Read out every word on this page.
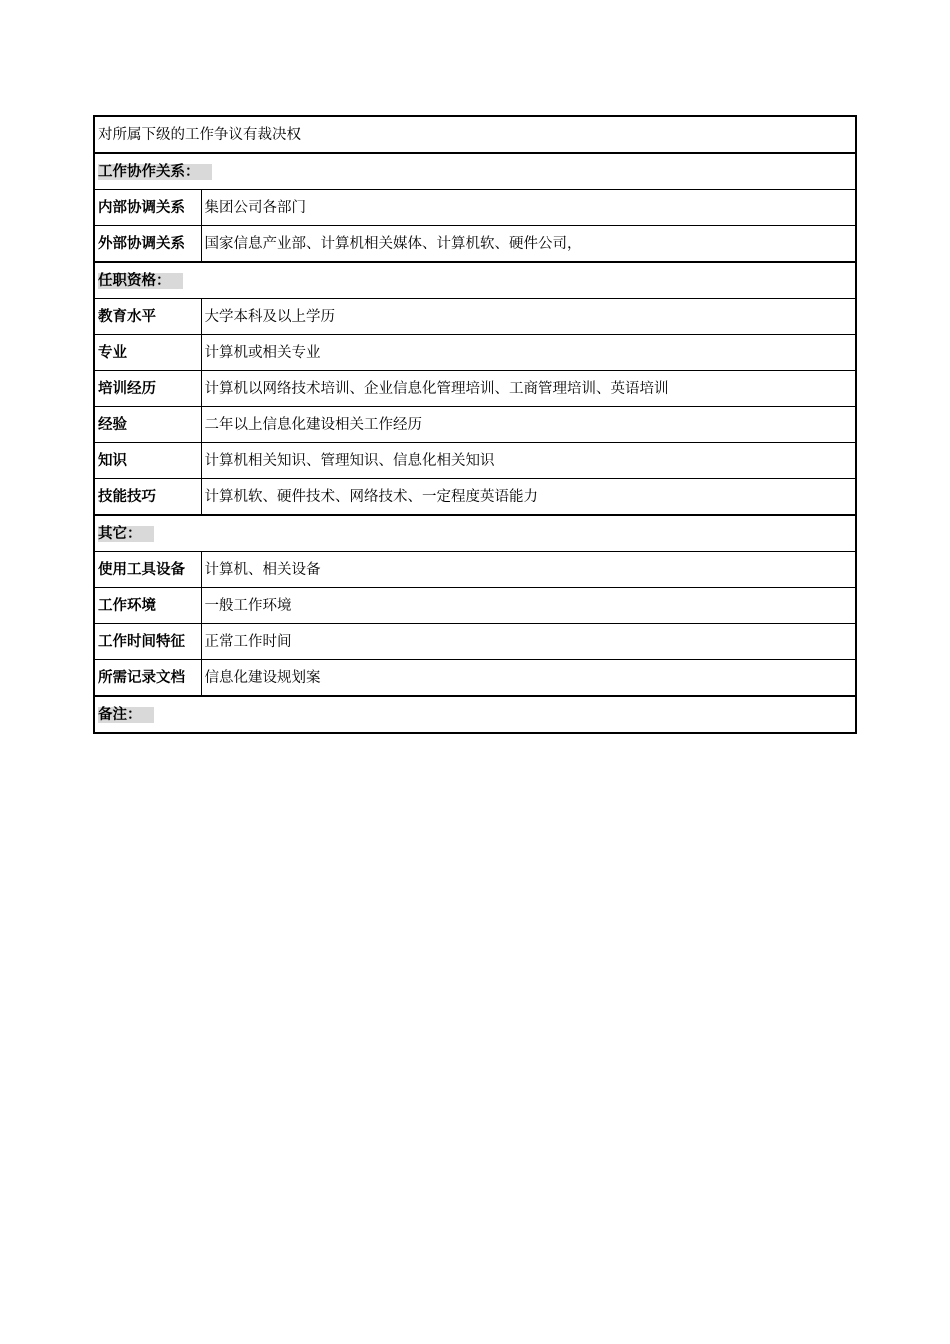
对所属下级的工作争议有裁决权	
工作协作关系：	
内部协调关系	集团公司各部门
外部协调关系	国家信息产业部、计算机相关媒体、计算机软、硬件公司，
任职资格：	
教育水平	大学本科及以上学历
专业	计算机或相关专业
培训经历	计算机以网络技术培训、企业信息化管理培训、工商管理培训、英语培训
经验	二年以上信息化建设相关工作经历
知识	计算机相关知识、管理知识、信息化相关知识
技能技巧	计算机软、硬件技术、网络技术、一定程度英语能力
其它：	
使用工具设备	计算机、相关设备
工作环境	一般工作环境
工作时间特征	正常工作时间
所需记录文档	信息化建设规划案
备注：	
